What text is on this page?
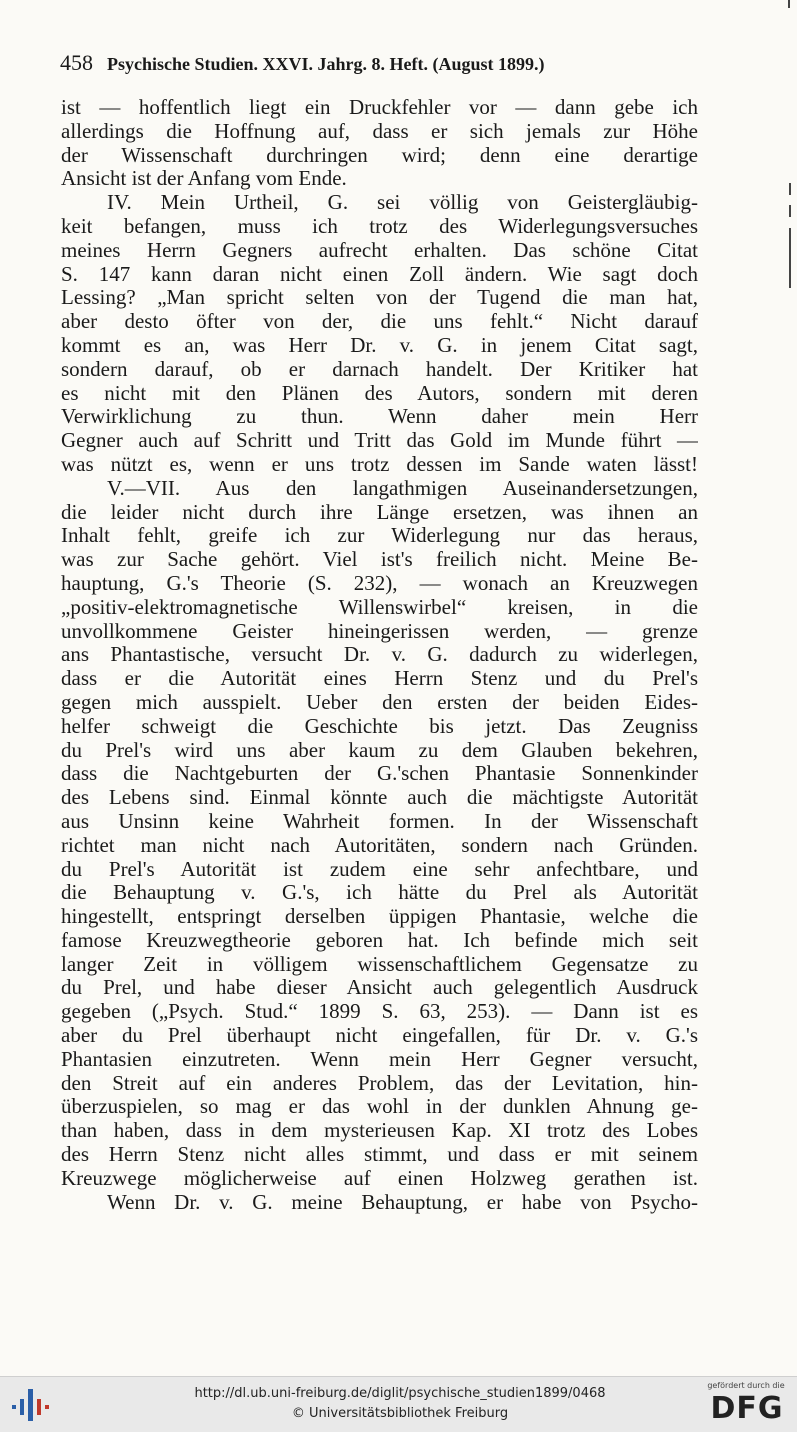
458 Psychische Studien. XXVI. Jahrg. 8. Heft. (August 1899.)
ist — hoffentlich liegt ein Druckfehler vor — dann gebe ich
allerdings die Hoffnung auf, dass er sich jemals zur Höhe
der Wissenschaft durchringen wird; denn eine derartige
Ansicht ist der Anfang vom Ende.
IV. Mein Urtheil, G. sei völlig von Geistergläubig-
keit befangen, muss ich trotz des Widerlegungsversuches
meines Herrn Gegners aufrecht erhalten. Das schöne Citat
S. 147 kann daran nicht einen Zoll ändern. Wie sagt doch
Lessing? „Man spricht selten von der Tugend die man hat,
aber desto öfter von der, die uns fehlt.“ Nicht darauf
kommt es an, was Herr Dr. v. G. in jenem Citat sagt,
sondern darauf, ob er darnach handelt. Der Kritiker hat
es nicht mit den Plänen des Autors, sondern mit deren
Verwirklichung zu thun. Wenn daher mein Herr
Gegner auch auf Schritt und Tritt das Gold im Munde führt —
was nützt es, wenn er uns trotz dessen im Sande waten lässt!
V.—VII. Aus den langathmigen Auseinandersetzungen,
die leider nicht durch ihre Länge ersetzen, was ihnen an
Inhalt fehlt, greife ich zur Widerlegung nur das heraus,
was zur Sache gehört. Viel ist's freilich nicht. Meine Be-
hauptung, G.'s Theorie (S. 232), — wonach an Kreuzwegen
„positiv-elektromagnetische Willenswirbel“ kreisen, in die
unvollkommene Geister hineingerissen werden, — grenze
ans Phantastische, versucht Dr. v. G. dadurch zu widerlegen,
dass er die Autorität eines Herrn Stenz und du Prel's
gegen mich ausspielt. Ueber den ersten der beiden Eides-
helfer schweigt die Geschichte bis jetzt. Das Zeugniss
du Prel's wird uns aber kaum zu dem Glauben bekehren,
dass die Nachtgeburten der G.'schen Phantasie Sonnenkinder
des Lebens sind. Einmal könnte auch die mächtigste Autorität
aus Unsinn keine Wahrheit formen. In der Wissenschaft
richtet man nicht nach Autoritäten, sondern nach Gründen.
du Prel's Autorität ist zudem eine sehr anfechtbare, und
die Behauptung v. G.'s, ich hätte du Prel als Autorität
hingestellt, entspringt derselben üppigen Phantasie, welche die
famose Kreuzwegtheorie geboren hat. Ich befinde mich seit
langer Zeit in völligem wissenschaftlichem Gegensatze zu
du Prel, und habe dieser Ansicht auch gelegentlich Ausdruck
gegeben („Psych. Stud.“ 1899 S. 63, 253). — Dann ist es
aber du Prel überhaupt nicht eingefallen, für Dr. v. G.'s
Phantasien einzutreten. Wenn mein Herr Gegner versucht,
den Streit auf ein anderes Problem, das der Levitation, hin-
überzuspielen, so mag er das wohl in der dunklen Ahnung ge-
than haben, dass in dem mysterieusen Kap. XI trotz des Lobes
des Herrn Stenz nicht alles stimmt, und dass er mit seinem
Kreuzwege möglicherweise auf einen Holzweg gerathen ist.
Wenn Dr. v. G. meine Behauptung, er habe von Psycho-
http://dl.ub.uni-freiburg.de/diglit/psychische_studien1899/0468
© Universitätsbibliothek Freiburg
gefördert durch die
DFG
